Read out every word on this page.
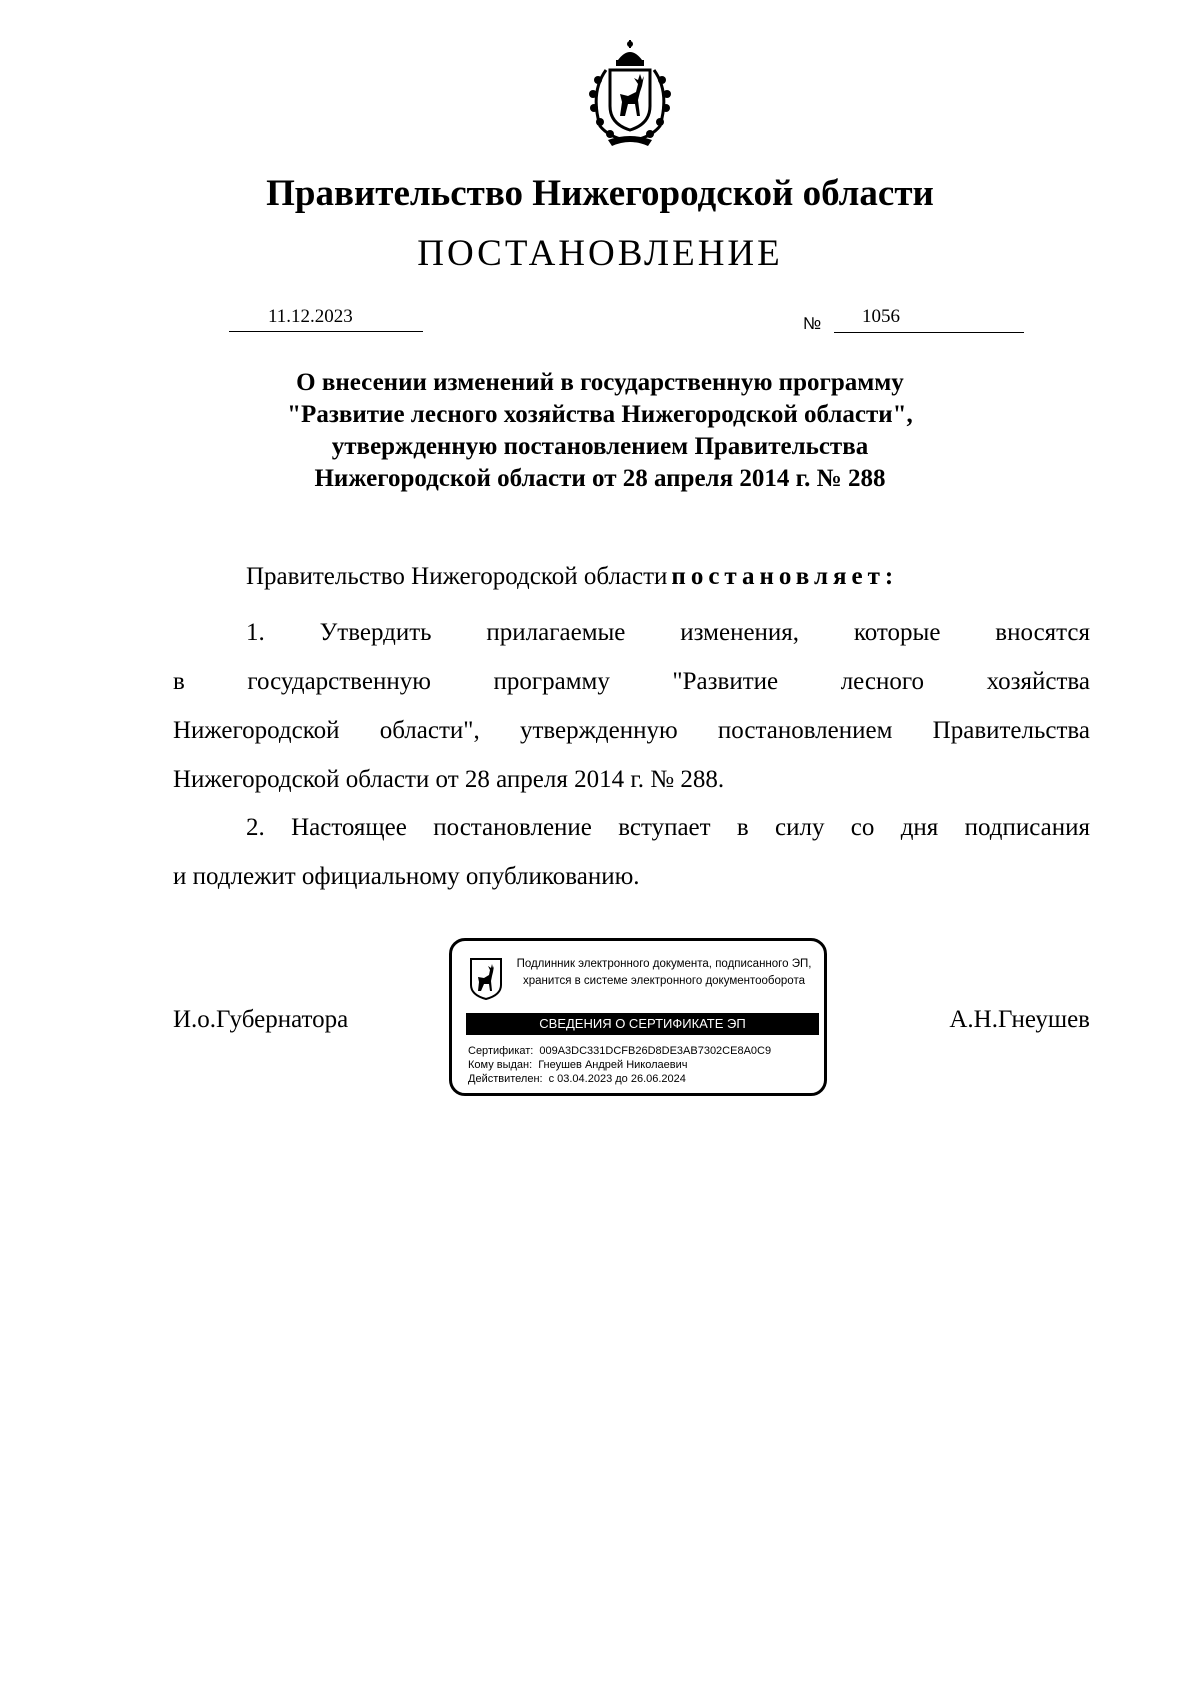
Правительство Нижегородской области
ПОСТАНОВЛЕНИЕ
11.12.2023	№ 1056
О внесении изменений в государственную программу
"Развитие лесного хозяйства Нижегородской области",
утвержденную постановлением Правительства
Нижегородской области от 28 апреля 2014 г. № 288
Правительство Нижегородской области постановляет:
1. Утвердить прилагаемые изменения, которые вносятся
в государственную программу "Развитие лесного хозяйства
Нижегородской области", утвержденную постановлением Правительства
Нижегородской области от 28 апреля 2014 г. № 288.
2. Настоящее постановление вступает в силу со дня подписания
и подлежит официальному опубликованию.
И.о.Губернатора	А.Н.Гнеушев
Подлинник электронного документа, подписанного ЭП,
хранится в системе электронного документооборота
СВЕДЕНИЯ О СЕРТИФИКАТЕ ЭП
Сертификат: 009A3DC331DCFB26D8DE3AB7302CE8A0C9
Кому выдан: Гнеушев Андрей Николаевич
Действителен: с 03.04.2023 до 26.06.2024
